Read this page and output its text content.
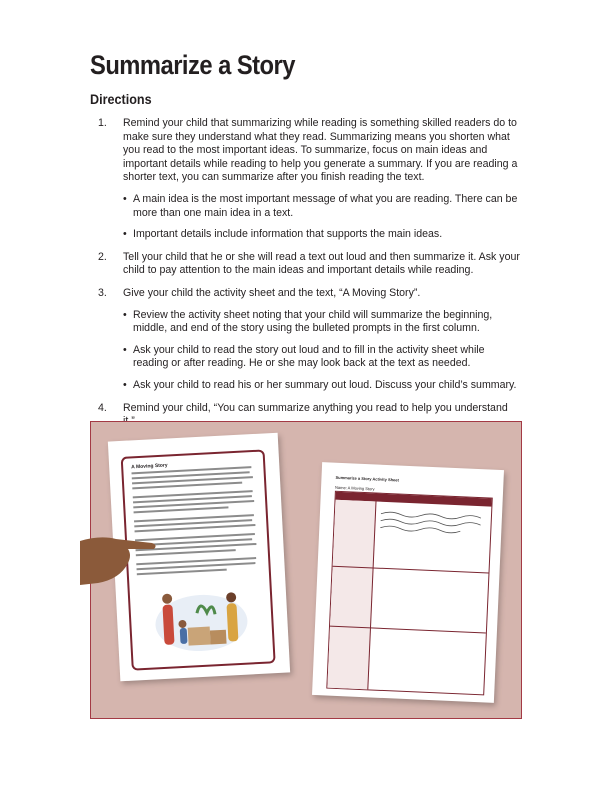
Summarize a Story
Directions
1.	Remind your child that summarizing while reading is something skilled readers do to make sure they understand what they read. Summarizing means you shorten what you read to the most important ideas. To summarize, focus on main ideas and important details while reading to help you generate a summary. If you are reading a shorter text, you can summarize after you finish reading the text.
• A main idea is the most important message of what you are reading. There can be more than one main idea in a text.
• Important details include information that supports the main ideas.
2.	Tell your child that he or she will read a text out loud and then summarize it. Ask your child to pay attention to the main ideas and important details while reading.
3.	Give your child the activity sheet and the text, “A Moving Story”.
• Review the activity sheet noting that your child will summarize the beginning, middle, and end of the story using the bulleted prompts in the first column.
• Ask your child to read the story out loud and to fill in the activity sheet while reading or after reading. He or she may look back at the text as needed.
• Ask your child to read his or her summary out loud. Discuss your child’s summary.
4.	Remind your child, “You can summarize anything you read to help you understand
A Moving Story
Summarize a Story Activity Sheet
Name: A Moving Story
